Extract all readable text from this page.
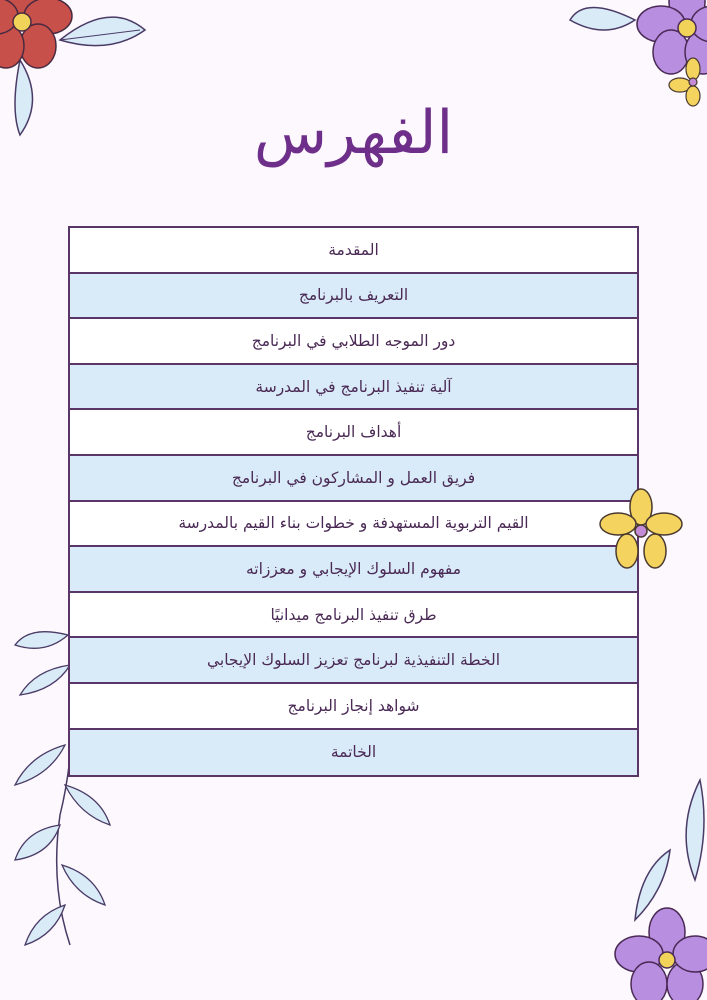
الفهرس
المقدمة
التعريف بالبرنامج
دور الموجه الطلابي في البرنامج
آلية تنفيذ البرنامج في المدرسة
أهداف البرنامج
فريق العمل و المشاركون في البرنامج
القيم التربوية المستهدفة و خطوات بناء القيم بالمدرسة
مفهوم السلوك الإيجابي و معززاته
طرق تنفيذ البرنامج ميدانيًا
الخطة التنفيذية لبرنامج تعزيز السلوك الإيجابي
شواهد إنجاز البرنامج
الخاتمة
